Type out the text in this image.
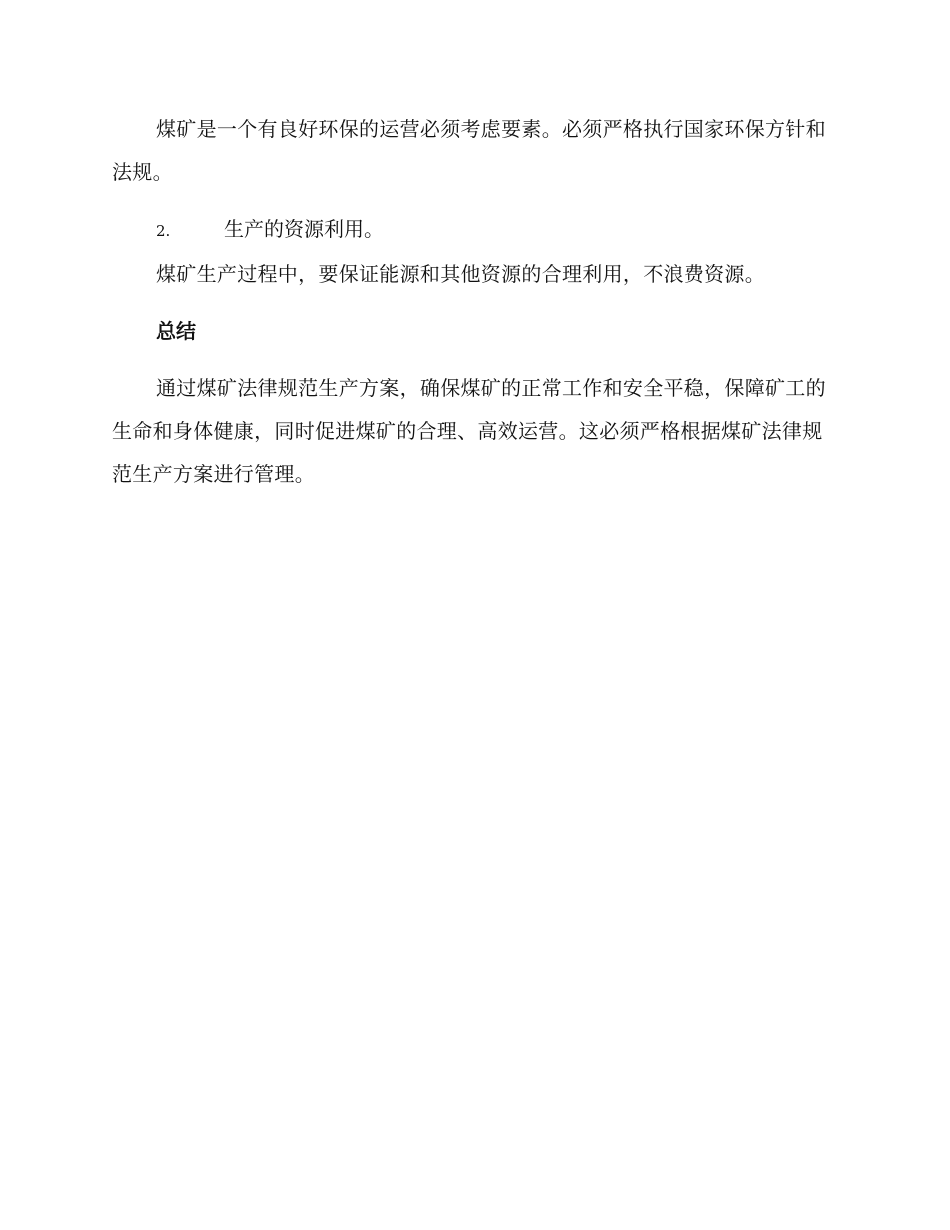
煤矿是一个有良好环保的运营必须考虑要素。必须严格执行国家环保方针和法规。

2.	生产的资源利用。

煤矿生产过程中，要保证能源和其他资源的合理利用，不浪费资源。

总结

通过煤矿法律规范生产方案，确保煤矿的正常工作和安全平稳，保障矿工的生命和身体健康，同时促进煤矿的合理、高效运营。这必须严格根据煤矿法律规范生产方案进行管理。
